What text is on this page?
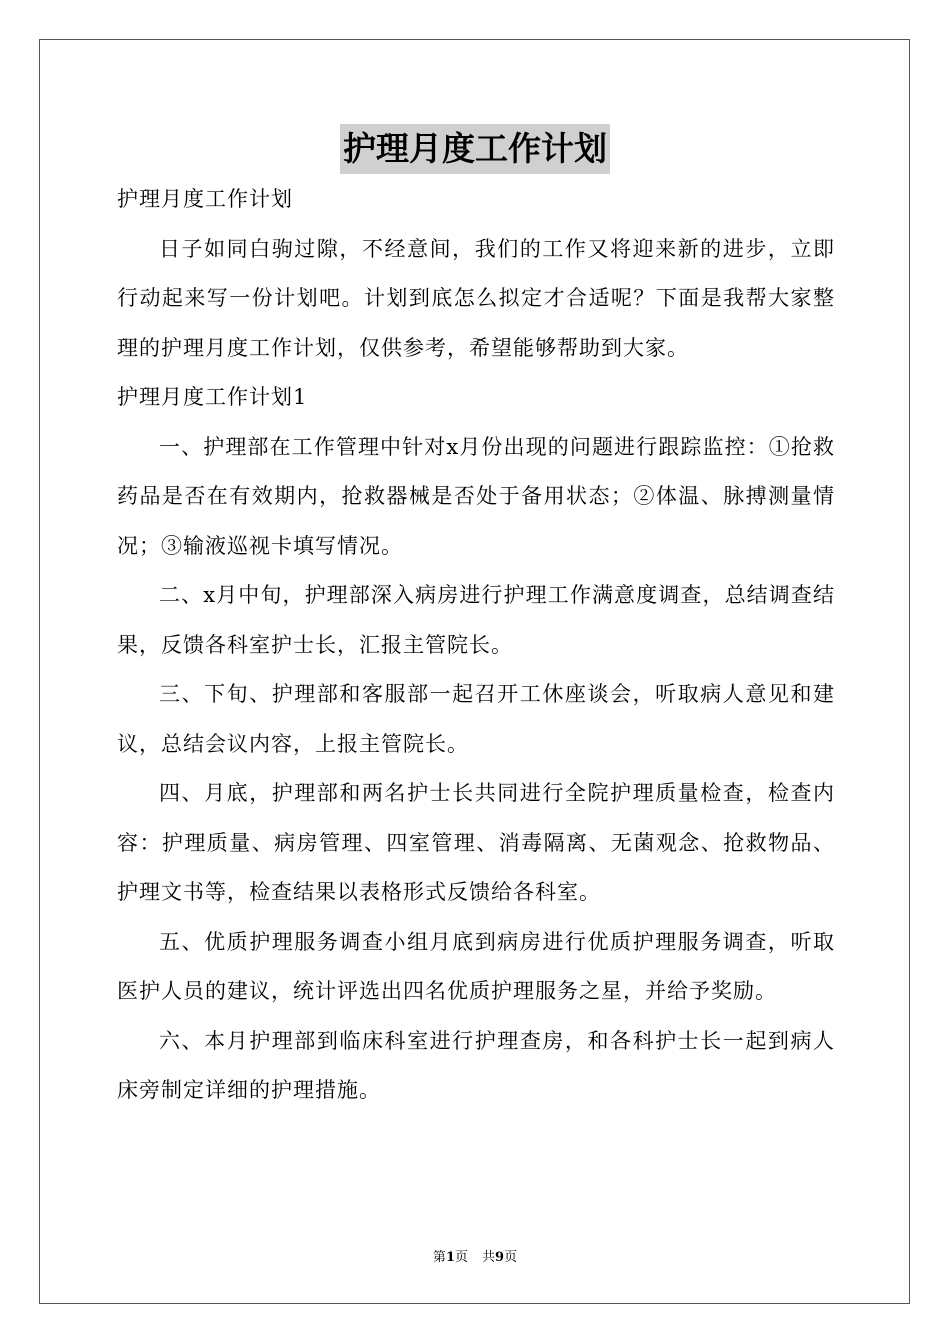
护理月度工作计划

护理月度工作计划

日子如同白驹过隙，不经意间，我们的工作又将迎来新的进步，立即行动起来写一份计划吧。计划到底怎么拟定才合适呢？下面是我帮大家整理的护理月度工作计划，仅供参考，希望能够帮助到大家。

护理月度工作计划1

一、护理部在工作管理中针对x月份出现的问题进行跟踪监控：①抢救药品是否在有效期内，抢救器械是否处于备用状态；②体温、脉搏测量情况；③输液巡视卡填写情况。

二、x月中旬，护理部深入病房进行护理工作满意度调查，总结调查结果，反馈各科室护士长，汇报主管院长。

三、下旬、护理部和客服部一起召开工休座谈会，听取病人意见和建议，总结会议内容，上报主管院长。

四、月底，护理部和两名护士长共同进行全院护理质量检查，检查内容：护理质量、病房管理、四室管理、消毒隔离、无菌观念、抢救物品、护理文书等，检查结果以表格形式反馈给各科室。

五、优质护理服务调查小组月底到病房进行优质护理服务调查，听取医护人员的建议，统计评选出四名优质护理服务之星，并给予奖励。

六、本月护理部到临床科室进行护理查房，和各科护士长一起到病人床旁制定详细的护理措施。

第1页 共9页
